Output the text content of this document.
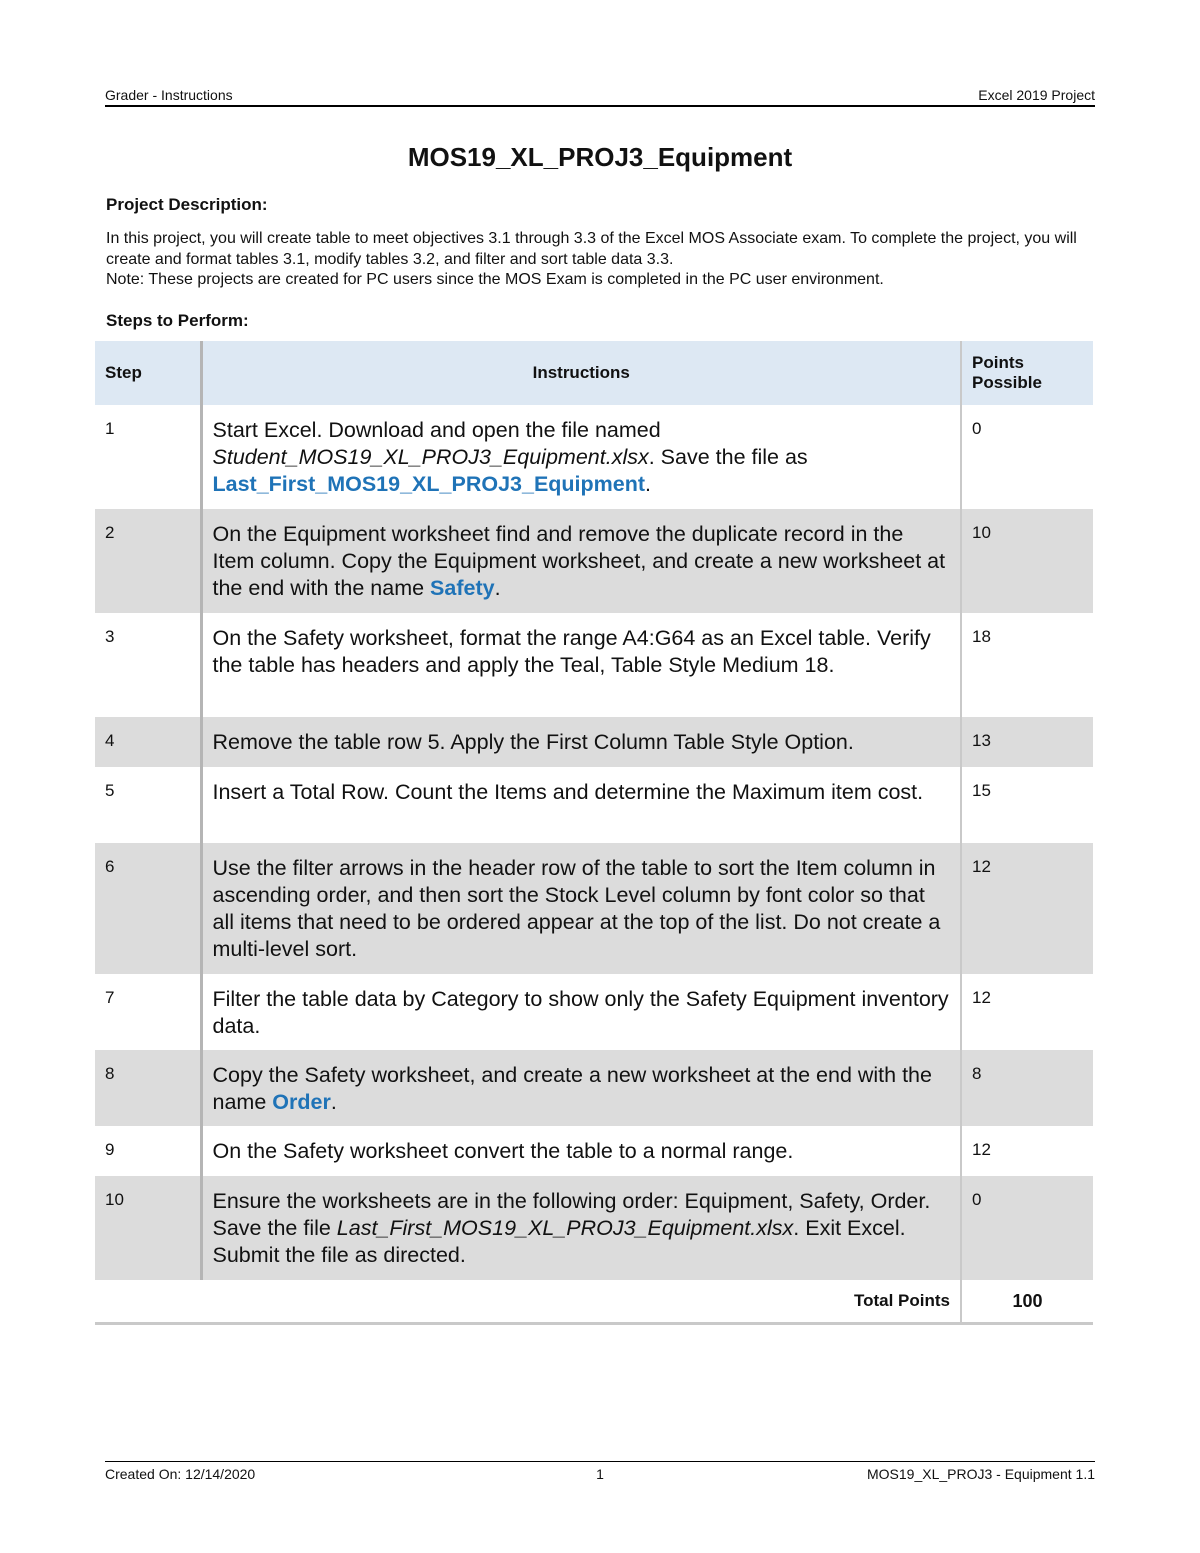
Grader - Instructions	Excel 2019 Project
MOS19_XL_PROJ3_Equipment
Project Description:

In this project, you will create table to meet objectives 3.1 through 3.3 of the Excel MOS Associate exam. To complete the project, you will create and format tables 3.1, modify tables 3.2, and filter and sort table data 3.3.

Note: These projects are created for PC users since the MOS Exam is completed in the PC user environment.

Steps to Perform:
Step	Instructions	Points
Possible
1	Start Excel. Download and open the file named Student_MOS19_XL_PROJ3_Equipment.xlsx. Save the file as Last_First_MOS19_XL_PROJ3_Equipment.	0
2	On the Equipment worksheet find and remove the duplicate record in the Item column. Copy the Equipment worksheet, and create a new worksheet at the end with the name Safety.	10
3	On the Safety worksheet, format the range A4:G64 as an Excel table. Verify the table has headers and apply the Teal, Table Style Medium 18.	18
4	Remove the table row 5. Apply the First Column Table Style Option.	13
5	Insert a Total Row. Count the Items and determine the Maximum item cost.	15
6	Use the filter arrows in the header row of the table to sort the Item column in ascending order, and then sort the Stock Level column by font color so that all items that need to be ordered appear at the top of the list. Do not create a multi-level sort.	12
7	Filter the table data by Category to show only the Safety Equipment inventory data.	12
8	Copy the Safety worksheet, and create a new worksheet at the end with the name Order.	8
9	On the Safety worksheet convert the table to a normal range.	12
10	Ensure the worksheets are in the following order: Equipment, Safety, Order. Save the file Last_First_MOS19_XL_PROJ3_Equipment.xlsx. Exit Excel. Submit the file as directed.	0
	Total Points	100
Created On: 12/14/2020	1	MOS19_XL_PROJ3 - Equipment 1.1
